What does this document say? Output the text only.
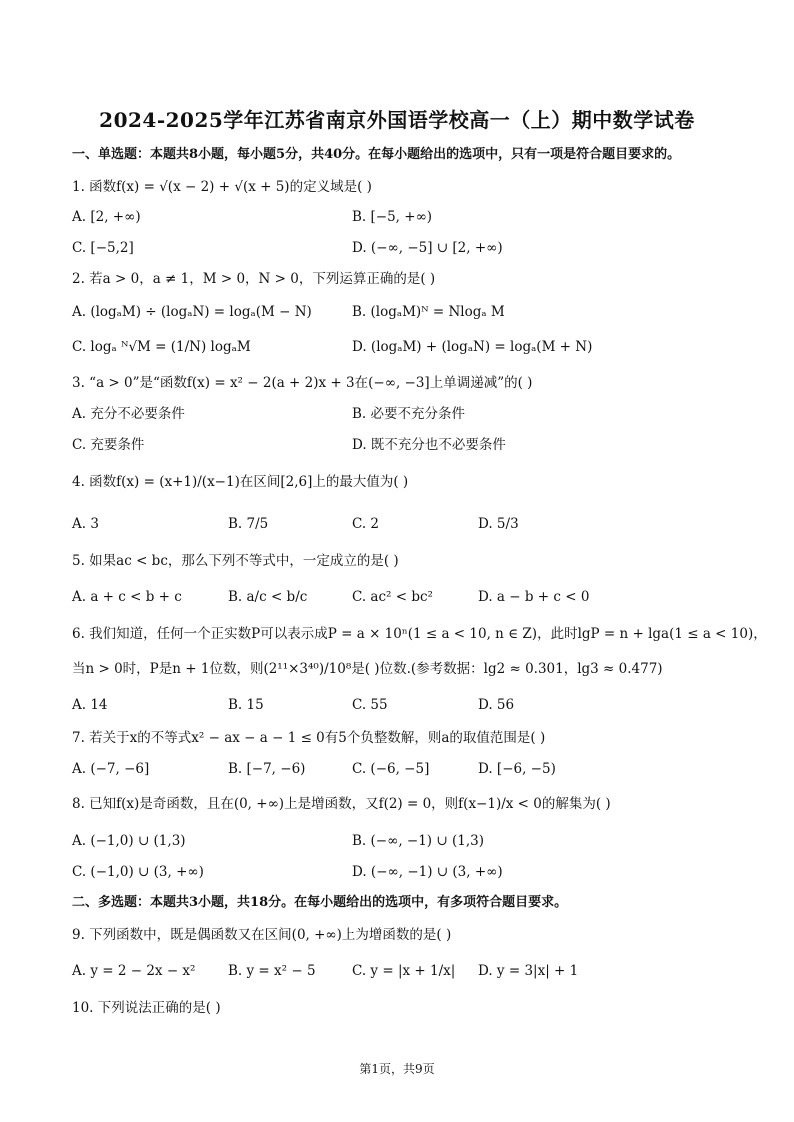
2024-2025学年江苏省南京外国语学校高一（上）期中数学试卷
一、单选题：本题共8小题，每小题5分，共40分。在每小题给出的选项中，只有一项是符合题目要求的。
1. 函数f(x) = √(x − 2) + √(x + 5)的定义域是( )
A. [2, +∞)	B. [−5, +∞)
C. [−5,2]	D. (−∞, −5] ∪ [2, +∞)
2. 若a > 0，a ≠ 1，M > 0，N > 0，下列运算正确的是( )
A. (logₐM) ÷ (logₐN) = logₐ(M − N)	B. (logₐM)ᴺ = Nlogₐ M
C. logₐ ᴺ√M = (1/N) logₐM	D. (logₐM) + (logₐN) = logₐ(M + N)
3. “a > 0”是“函数f(x) = x² − 2(a + 2)x + 3在(−∞, −3]上单调递减”的( )
A. 充分不必要条件	B. 必要不充分条件
C. 充要条件	D. 既不充分也不必要条件
4. 函数f(x) = (x+1)/(x−1)在区间[2,6]上的最大值为( )
A. 3	B. 7/5	C. 2	D. 5/3
5. 如果ac < bc，那么下列不等式中，一定成立的是( )
A. a + c < b + c	B. a/c < b/c	C. ac² < bc²	D. a − b + c < 0
6. 我们知道，任何一个正实数P可以表示成P = a × 10ⁿ(1 ≤ a < 10, n ∈ Z)，此时lgP = n + lga(1 ≤ a < 10)，
当n > 0时，P是n + 1位数，则(2¹¹×3⁴⁰)/10⁸是( )位数.(参考数据：lg2 ≈ 0.301，lg3 ≈ 0.477)
A. 14	B. 15	C. 55	D. 56
7. 若关于x的不等式x² − ax − a − 1 ≤ 0有5个负整数解，则a的取值范围是( )
A. (−7, −6]	B. [−7, −6)	C. (−6, −5]	D. [−6, −5)
8. 已知f(x)是奇函数，且在(0, +∞)上是增函数，又f(2) = 0，则f(x−1)/x < 0的解集为( )
A. (−1,0) ∪ (1,3)	B. (−∞, −1) ∪ (1,3)
C. (−1,0) ∪ (3, +∞)	D. (−∞, −1) ∪ (3, +∞)
二、多选题：本题共3小题，共18分。在每小题给出的选项中，有多项符合题目要求。
9. 下列函数中，既是偶函数又在区间(0, +∞)上为增函数的是( )
A. y = 2 − 2x − x² B. y = x² − 5	C. y = |x + 1/x| D. y = 3|x| + 1
10. 下列说法正确的是( )
第1页，共9页
